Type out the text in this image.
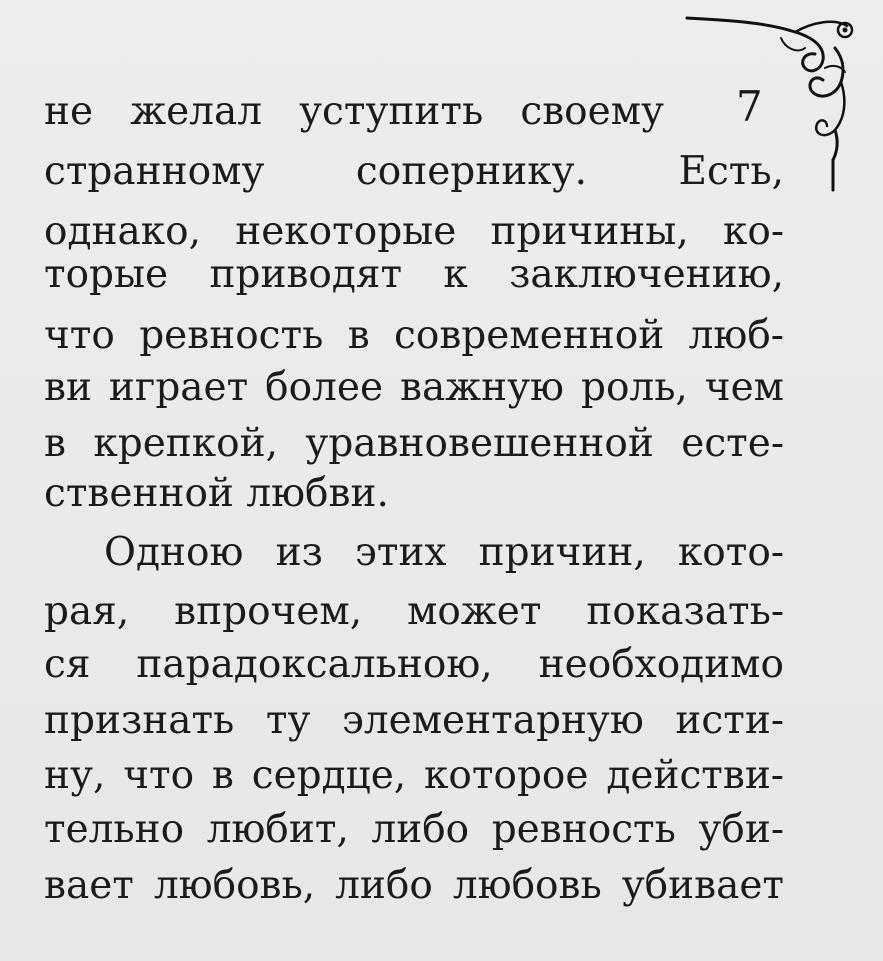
7
не желал уступить своему
странному сопернику. Есть,
однако, некоторые причины, ко-
торые приводят к заключению,
что ревность в современной люб-
ви играет более важную роль, чем
в крепкой, уравновешенной есте-
ственной любви.
Одною из этих причин, кото-
рая, впрочем, может показать-
ся парадоксальною, необходимо
признать ту элементарную исти-
ну, что в сердце, которое действи-
тельно любит, либо ревность уби-
вает любовь, либо любовь убивает
